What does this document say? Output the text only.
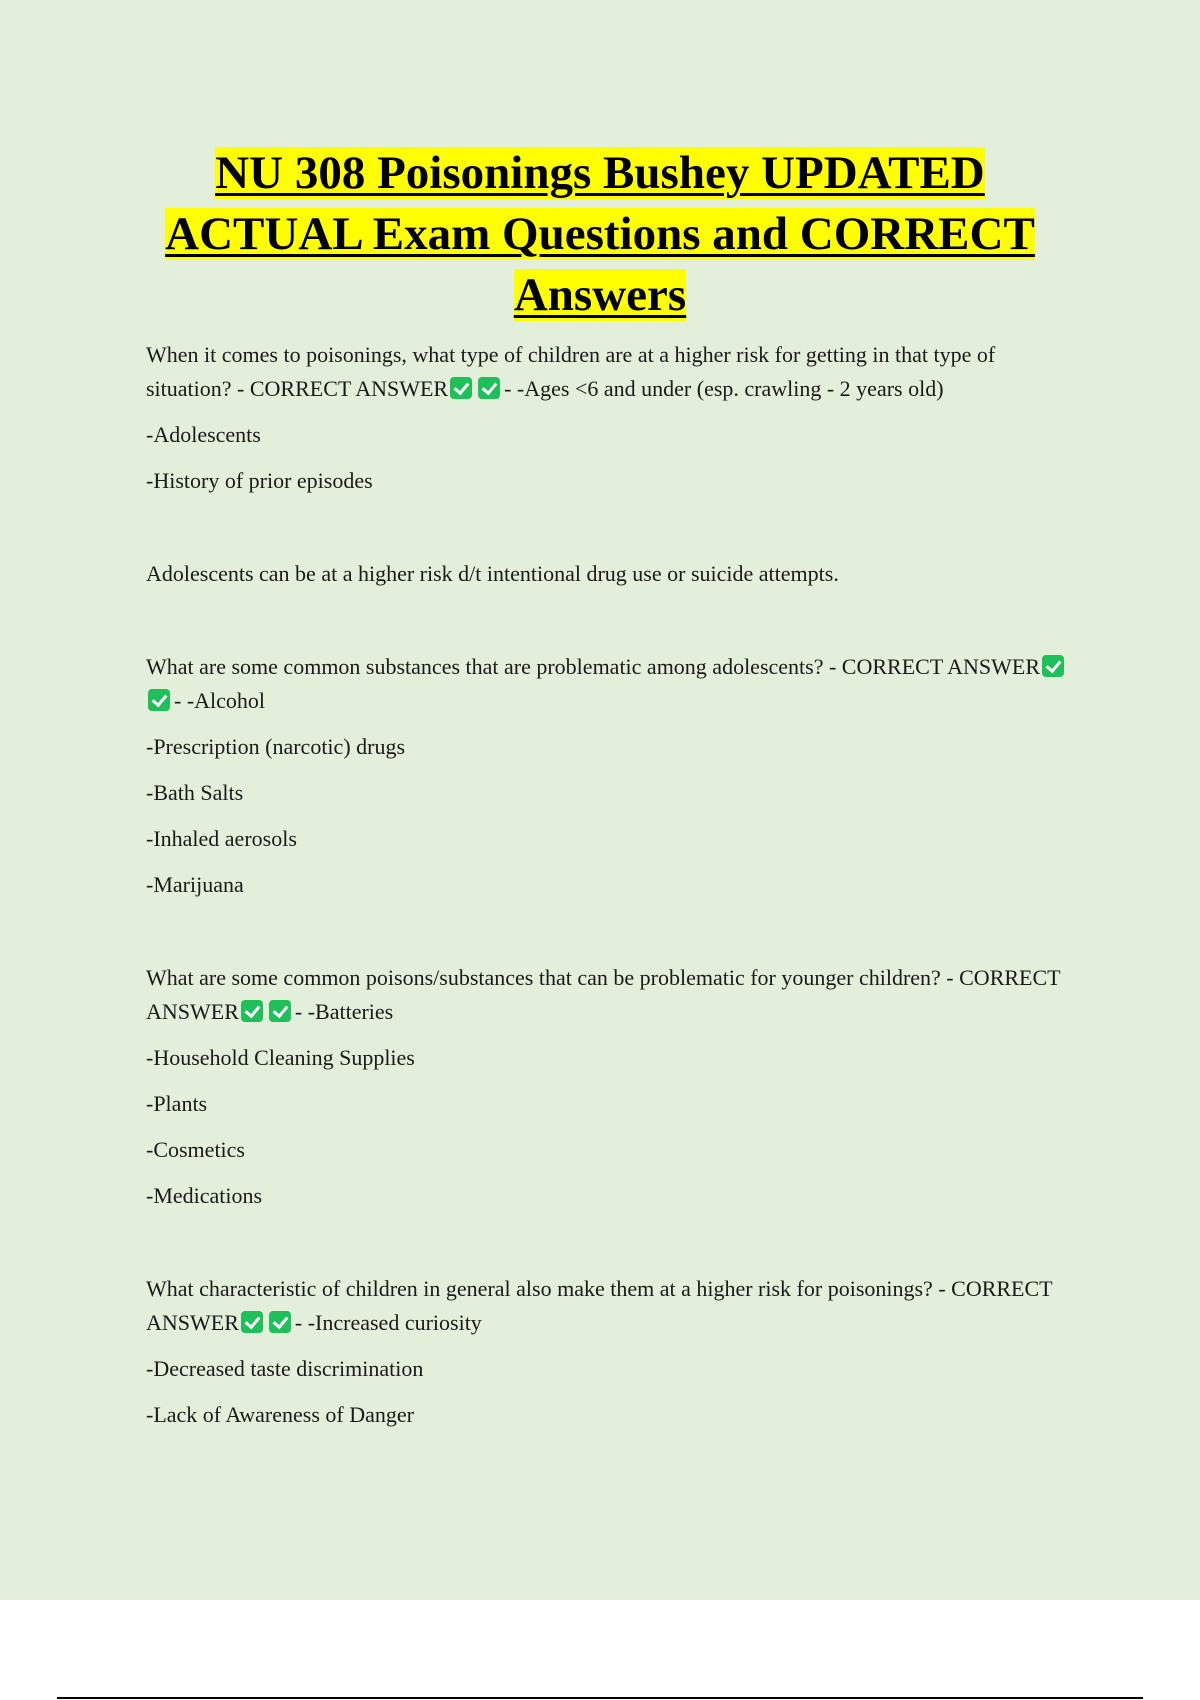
NU 308 Poisonings Bushey UPDATED
ACTUAL Exam Questions and CORRECT
Answers

When it comes to poisonings, what type of children are at a higher risk for getting in that type of situation? - CORRECT ANSWER	- -Ages <6 and under (esp. crawling - 2 years old)

-Adolescents

-History of prior episodes

Adolescents can be at a higher risk d/t intentional drug use or suicide attempts.

What are some common substances that are problematic among adolescents? - CORRECT ANSWER- -Alcohol

-Prescription (narcotic) drugs

-Bath Salts

-Inhaled aerosols

-Marijuana

What are some common poisons/substances that can be problematic for younger children? - CORRECT ANSWER	- -Batteries

-Household Cleaning Supplies

-Plants

-Cosmetics

-Medications

What characteristic of children in general also make them at a higher risk for poisonings? - CORRECT ANSWER	- -Increased curiosity

-Decreased taste discrimination

-Lack of Awareness of Danger
